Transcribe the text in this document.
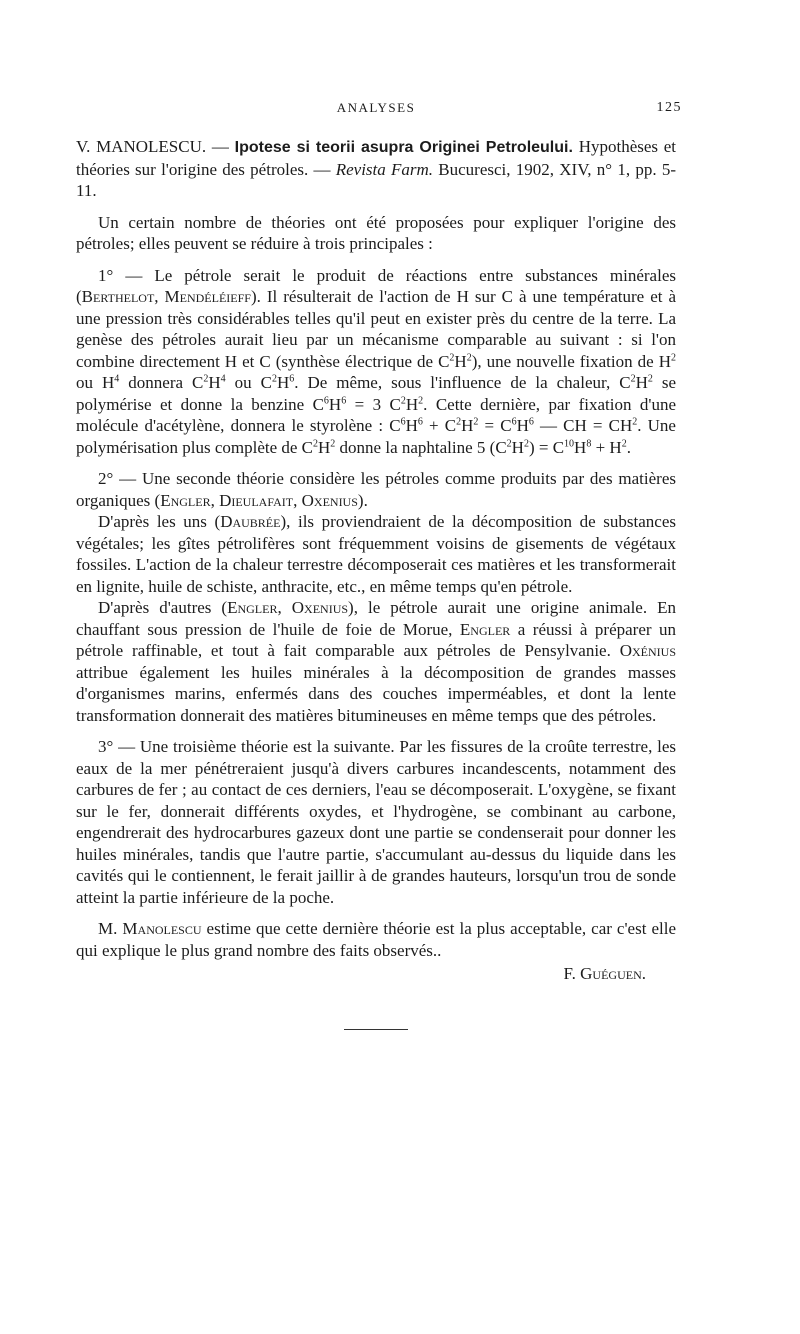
ANALYSES	125

V. MANOLESCU. — Ipotese si teorii asupra Originei Petroleului. Hypothèses et théories sur l'origine des pétroles. — Revista Farm. Bucuresci, 1902, XIV, n° 1, pp. 5-11.

Un certain nombre de théories ont été proposées pour expliquer l'origine des pétroles; elles peuvent se réduire à trois principales :

1° — Le pétrole serait le produit de réactions entre substances minérales (Berthelot, Mendéléieff). Il résulterait de l'action de H sur C à une température et à une pression très considérables telles qu'il peut en exister près du centre de la terre. La genèse des pétroles aurait lieu par un mécanisme comparable au suivant : si l'on combine directement H et C (synthèse électrique de $C^2H^2$), une nouvelle fixation de $H^2$ ou $H^4$ donnera $C^2H^4$ ou $C^2H^6$. De même, sous l'influence de la chaleur, $C^2H^2$ se polymérise et donne la benzine $C^6H^6 = 3$ $C^2H^2$. Cette dernière, par fixation d'une molécule d'acétylène, donnera le styrolène : $C^6H^6 + C^2H^2 = C^6H^6$ — CH = $CH^2$. Une polymérisation plus complète de $C^2H^2$ donne la naphtaline 5 $(C^2H^2) = C^{10}H^8 + H^2$.

2° — Une seconde théorie considère les pétroles comme produits par des matières organiques (Engler, Dieulafait, Oxenius).

D'après les uns (Daubrée), ils proviendraient de la décomposition de substances végétales; les gîtes pétrolifères sont fréquemment voisins de gisements de végétaux fossiles. L'action de la chaleur terrestre décomposerait ces matières et les transformerait en lignite, huile de schiste, anthracite, etc., en même temps qu'en pétrole.

D'après d'autres (Engler, Oxenius), le pétrole aurait une origine animale. En chauffant sous pression de l'huile de foie de Morue, Engler a réussi à préparer un pétrole raffinable, et tout à fait comparable aux pétroles de Pensylvanie. Oxénius attribue également les huiles minérales à la décomposition de grandes masses d'organismes marins, enfermés dans des couches imperméables, et dont la lente transformation donnerait des matières bitumineuses en même temps que des pétroles.

3° — Une troisième théorie est la suivante. Par les fissures de la croûte terrestre, les eaux de la mer pénétreraient jusqu'à divers carbures incandescents, notamment des carbures de fer ; au contact de ces derniers, l'eau se décomposerait. L'oxygène, se fixant sur le fer, donnerait différents oxydes, et l'hydrogène, se combinant au carbone, engendrerait des hydrocarbures gazeux dont une partie se condenserait pour donner les huiles minérales, tandis que l'autre partie, s'accumulant au-dessus du liquide dans les cavités qui le contiennent, le ferait jaillir à de grandes hauteurs, lorsqu'un trou de sonde atteint la partie inférieure de la poche.

M. Manolescu estime que cette dernière théorie est la plus acceptable, car c'est elle qui explique le plus grand nombre des faits observés..

F. Guéguen.
